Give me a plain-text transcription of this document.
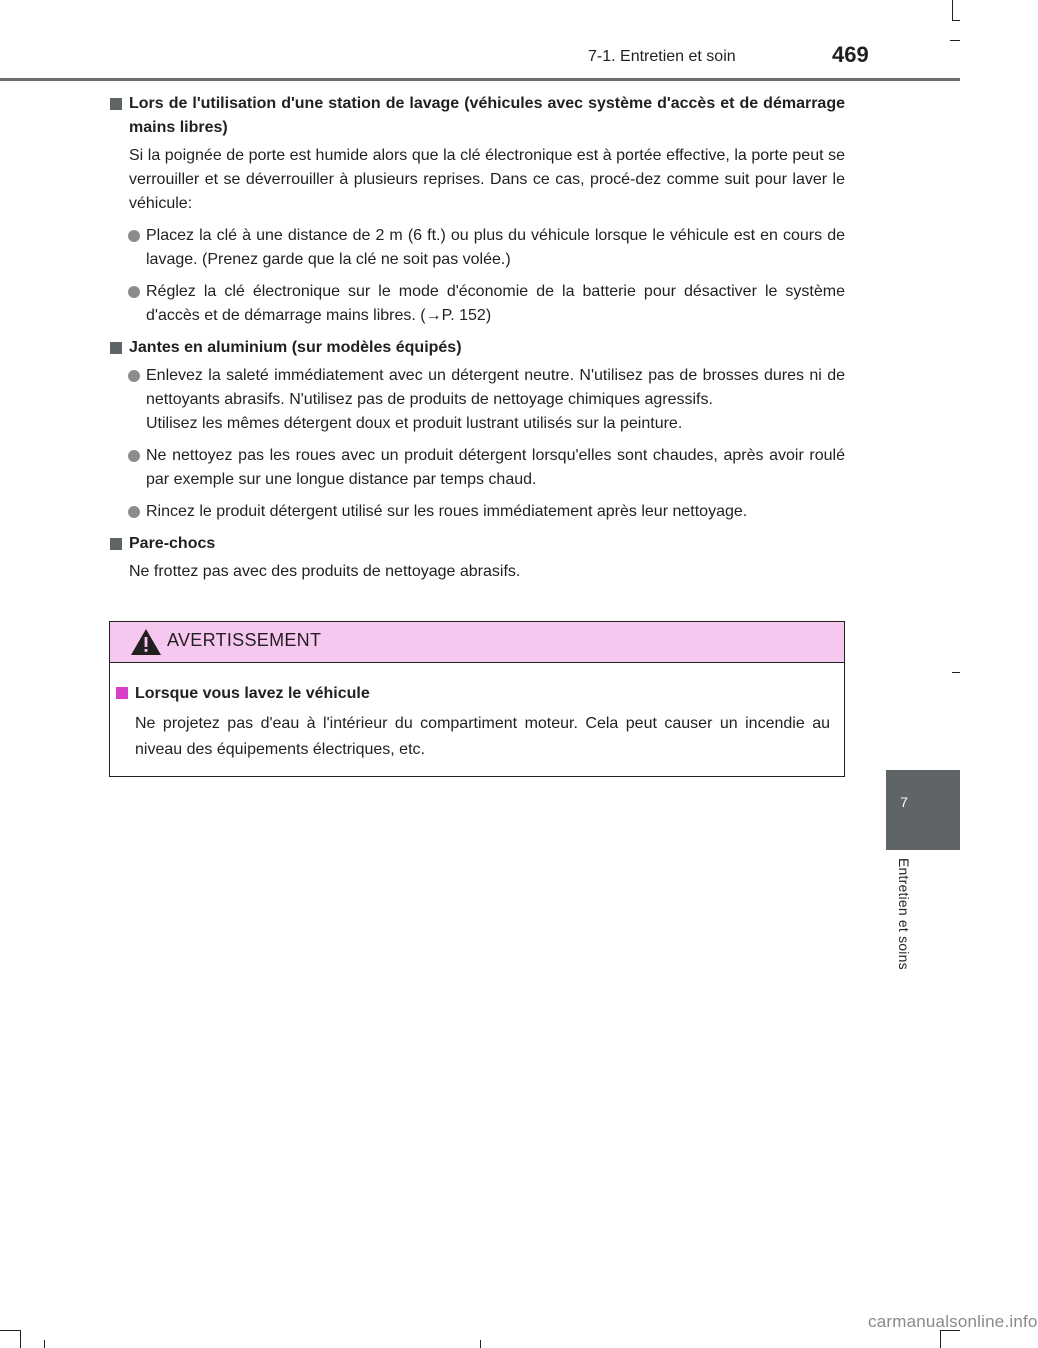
7-1. Entretien et soin	469
7
Entretien et soins
Lors de l'utilisation d'une station de lavage (véhicules avec système d'accès et de démarrage mains libres)
Si la poignée de porte est humide alors que la clé électronique est à portée effective, la porte peut se verrouiller et se déverrouiller à plusieurs reprises. Dans ce cas, procé-dez comme suit pour laver le véhicule:
Placez la clé à une distance de 2 m (6 ft.) ou plus du véhicule lorsque le véhicule est en cours de lavage. (Prenez garde que la clé ne soit pas volée.)
Réglez la clé électronique sur le mode d'économie de la batterie pour désactiver le système d'accès et de démarrage mains libres. (→P. 152)
Jantes en aluminium (sur modèles équipés)
Enlevez la saleté immédiatement avec un détergent neutre. N'utilisez pas de brosses dures ni de nettoyants abrasifs. N'utilisez pas de produits de nettoyage chimiques agressifs.
Utilisez les mêmes détergent doux et produit lustrant utilisés sur la peinture.
Ne nettoyez pas les roues avec un produit détergent lorsqu'elles sont chaudes, après avoir roulé par exemple sur une longue distance par temps chaud.
Rincez le produit détergent utilisé sur les roues immédiatement après leur nettoyage.
Pare-chocs
Ne frottez pas avec des produits de nettoyage abrasifs.
AVERTISSEMENT
Lorsque vous lavez le véhicule
Ne projetez pas d'eau à l'intérieur du compartiment moteur. Cela peut causer un incendie au niveau des équipements électriques, etc.
carmanualsonline.info
